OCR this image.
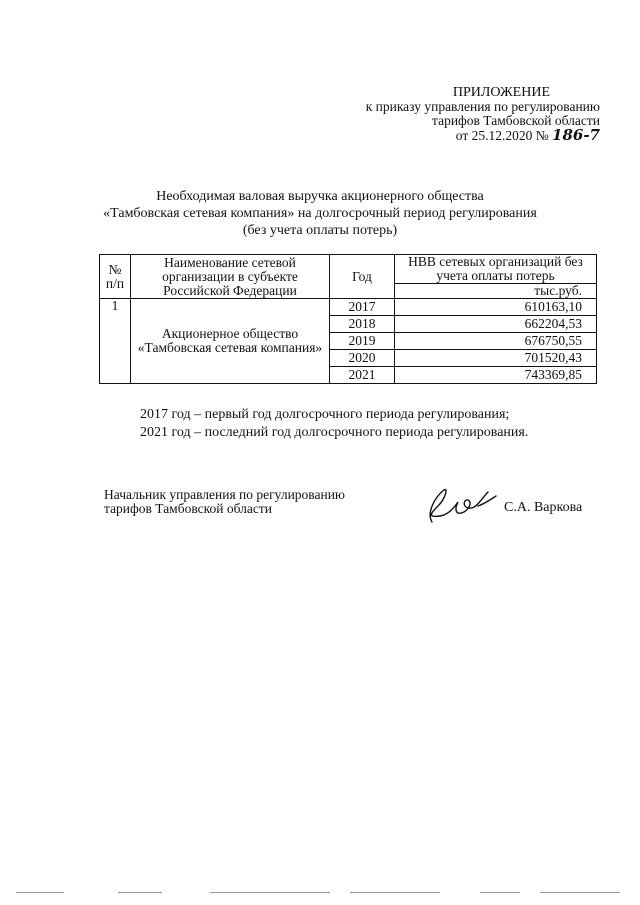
ПРИЛОЖЕНИЕ
к приказу управления по регулированию
тарифов Тамбовской области
от 25.12.2020 № 186-7
Необходимая валовая выручка акционерного общества
«Тамбовская сетевая компания» на долгосрочный период регулирования
(без учета оплаты потерь)
№ п/п	Наименование сетевой организации в субъекте Российской Федерации	Год	НВВ сетевых организаций без учета оплаты потерь
			тыс.руб.
1	Акционерное общество «Тамбовская сетевая компания»	2017	610163,10
		2018	662204,53
		2019	676750,55
		2020	701520,43
		2021	743369,85
2017 год – первый год долгосрочного периода регулирования;
2021 год – последний год долгосрочного периода регулирования.
Начальник управления по регулированию
тарифов Тамбовской области	С.А. Варкова
